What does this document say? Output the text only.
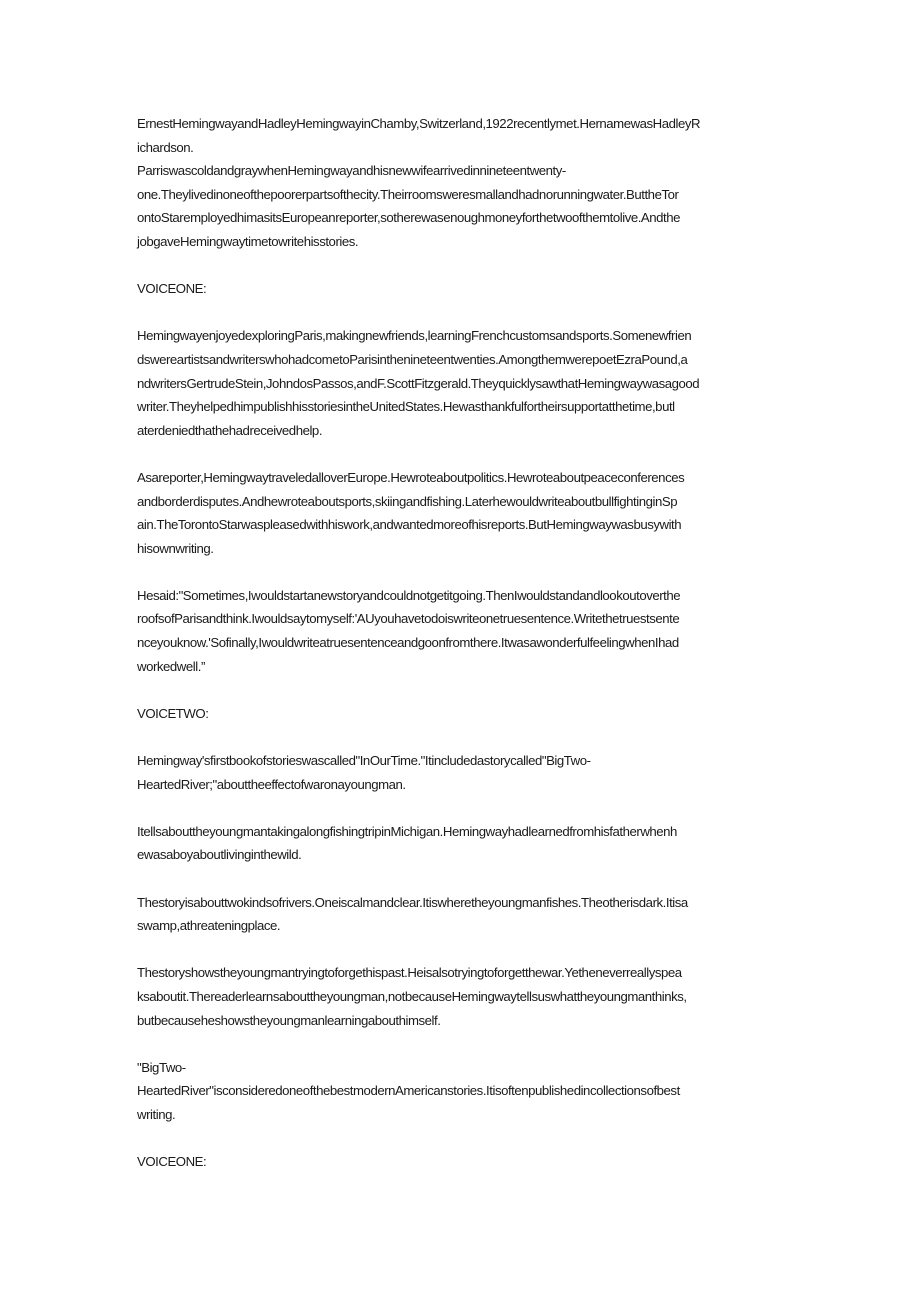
ErnestHemingwayandHadleyHemingwayinChamby,Switzerland,1922recentlymet.HernamewasHadleyR
ichardson.

ParriswascoldandgraywhenHemingwayandhisnewwifearrivedinnineteentwenty-
one.Theylivedinoneofthepoorerpartsofthecity.Theirroomsweresmallandhadnorunningwater.ButtheTor
ontoStaremployedhimasitsEuropeanreporter,sotherewasenoughmoneyforthetwoofthemtolive.Andthe
jobgaveHemingwaytimetowritehisstories.

VOICEONE:

HemingwayenjoyedexploringParis,makingnewfriends,learningFrenchcustomsandsports.Somenewfrien
dswereartistsandwriterswhohadcometoParisinthenineteentwenties.AmongthemwerepoetEzraPound,a
ndwritersGertrudeStein,JohndosPassos,andF.ScottFitzgerald.TheyquicklysawthatHemingwaywasagood
writer.TheyhelpedhimpublishhisstoriesintheUnitedStates.Hewasthankfulfortheirsupportatthetime,butl
aterdeniedthathehadreceivedhelp.

Asareporter,HemingwaytraveledalloverEurope.Hewroteaboutpolitics.Hewroteaboutpeaceconferences
andborderdisputes.Andhewroteaboutsports,skiingandfishing.LaterhewouldwriteaboutbullfightinginSp
ain.TheTorontoStarwaspleasedwithhiswork,andwantedmoreofhisreports.ButHemingwaywasbusywith
hisownwriting.

Hesaid:"Sometimes,Iwouldstartanewstoryandcouldnotgetitgoing.ThenIwouldstandandlookoutoverthe
roofsofParisandthink.Iwouldsaytomyself:'AUyouhavetodoiswriteonetruesentence.Writethetruestsente
nceyouknow.'Sofinally,Iwouldwriteatruesentenceandgoonfromthere.ItwasawonderfulfeelingwhenIhad
workedwell.”

VOICETWO:

Hemingway'sfirstbookofstorieswascalled"InOurTime."Itincludedastorycalled"BigTwo-
HeartedRiver;"abouttheeffectofwaronayoungman.

ItellsabouttheyoungmantakingalongfishingtripinMichigan.Hemingwayhadlearnedfromhisfatherwhenh
ewasaboyaboutlivinginthewild.

Thestoryisabouttwokindsofrivers.Oneiscalmandclear.Itiswheretheyoungmanfishes.Theotherisdark.Itisa
swamp,athreateningplace.

Thestoryshowstheyoungmantryingtoforgethispast.Heisalsotryingtoforgetthewar.Yetheneverreallyspea
ksaboutit.Thereaderlearnsabouttheyoungman,notbecauseHemingwaytellsuswhattheyoungmanthinks,
butbecauseheshowstheyoungmanlearningabouthimself.

"BigTwo-
HeartedRiver"isconsideredoneofthebestmodernAmericanstories.Itisoftenpublishedincollectionsofbest
writing.

VOICEONE:
